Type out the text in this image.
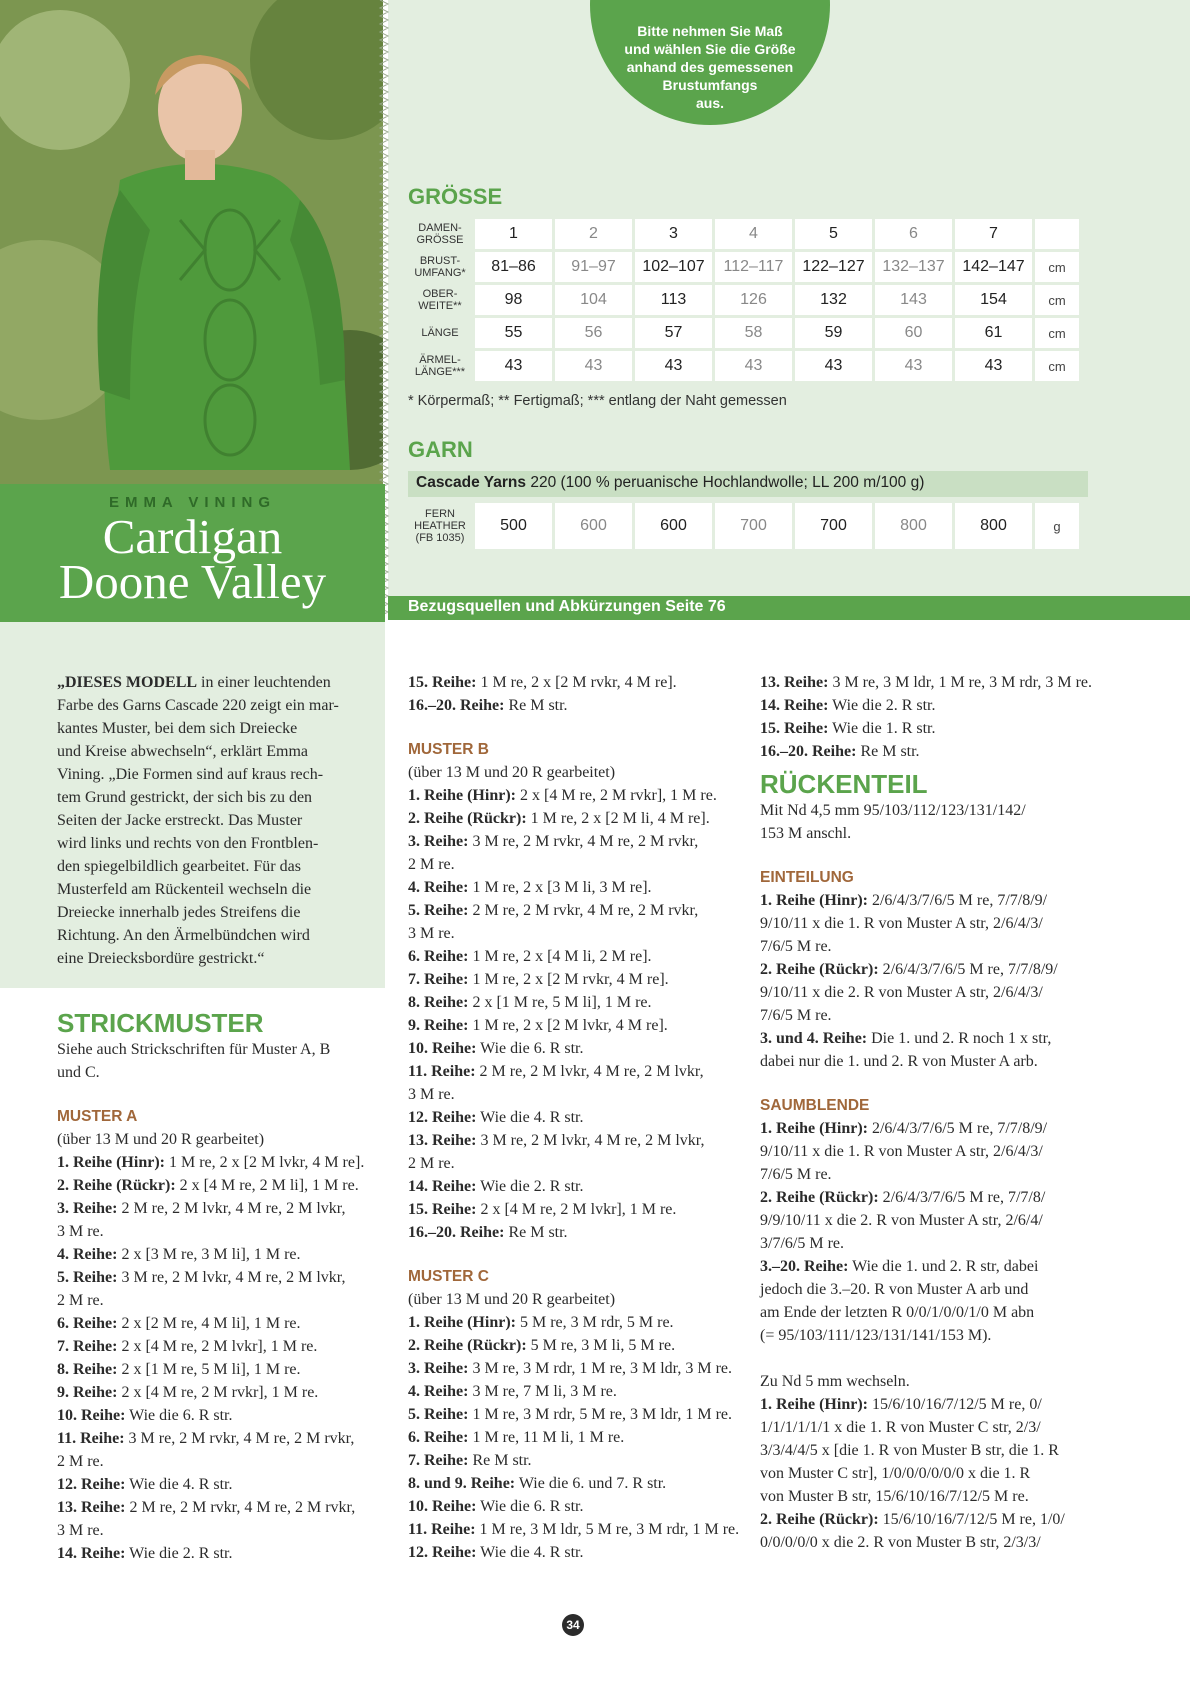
EMMA VINING
Cardigan
Doone Valley
Bitte nehmen Sie Maß
und wählen Sie die Größe
anhand des gemessenen
Brustumfangs
aus.
GRÖSSE
DAMEN-
GRÖSSE	1	2	3	4	5	6	7	

BRUST-
UMFANG*	81–86	91–97	102–107	112–117	122–127	132–137	142–147	cm

OBER-
WEITE**	98	104	113	126	132	143	154	cm

LÄNGE	55	56	57	58	59	60	61	cm

ÄRMEL-
LÄNGE***	43	43	43	43	43	43	43	cm
* Körpermaß; ** Fertigmaß; *** entlang der Naht gemessen
GARN
Cascade Yarns 220 (100 % peruanische Hochlandwolle; LL 200 m/100 g)
FERN
HEATHER
(FB 1035)
	500	600	600	700	700	800	800	g
Bezugsquellen und Abkürzungen Seite 76

„DIESES MODELL in einer leuchtenden

Farbe des Garns Cascade 220 zeigt ein mar-

kantes Muster, bei dem sich Dreiecke

und Kreise abwechseln“, erklärt Emma

Vining. „Die Formen sind auf kraus rech-

tem Grund gestrickt, der sich bis zu den

Seiten der Jacke erstreckt. Das Muster

wird links und rechts von den Frontblen-

den spiegelbildlich gearbeitet. Für das

Musterfeld am Rückenteil wechseln die

Dreiecke innerhalb jedes Streifens die

Richtung. An den Ärmelbündchen wird

eine Dreiecksbordüre gestrickt.“

STRICKMUSTER

Siehe auch Strickschriften für Muster A, B

und C.

MUSTER A

(über 13 M und 20 R gearbeitet)

1. Reihe (Hinr): 1 M re, 2 x [2 M lvkr, 4 M re].

2. Reihe (Rückr): 2 x [4 M re, 2 M li], 1 M re.

3. Reihe: 2 M re, 2 M lvkr, 4 M re, 2 M lvkr,

3 M re.

4. Reihe: 2 x [3 M re, 3 M li], 1 M re.

5. Reihe: 3 M re, 2 M lvkr, 4 M re, 2 M lvkr,

2 M re.

6. Reihe: 2 x [2 M re, 4 M li], 1 M re.

7. Reihe: 2 x [4 M re, 2 M lvkr], 1 M re.

8. Reihe: 2 x [1 M re, 5 M li], 1 M re.

9. Reihe: 2 x [4 M re, 2 M rvkr], 1 M re.

10. Reihe: Wie die 6. R str.

11. Reihe: 3 M re, 2 M rvkr, 4 M re, 2 M rvkr,

2 M re.

12. Reihe: Wie die 4. R str.

13. Reihe: 2 M re, 2 M rvkr, 4 M re, 2 M rvkr,

3 M re.

14. Reihe: Wie die 2. R str.

15. Reihe: 1 M re, 2 x [2 M rvkr, 4 M re].

16.–20. Reihe: Re M str.

MUSTER B

(über 13 M und 20 R gearbeitet)

1. Reihe (Hinr): 2 x [4 M re, 2 M rvkr], 1 M re.

2. Reihe (Rückr): 1 M re, 2 x [2 M li, 4 M re].

3. Reihe: 3 M re, 2 M rvkr, 4 M re, 2 M rvkr,

2 M re.

4. Reihe: 1 M re, 2 x [3 M li, 3 M re].

5. Reihe: 2 M re, 2 M rvkr, 4 M re, 2 M rvkr,

3 M re.

6. Reihe: 1 M re, 2 x [4 M li, 2 M re].

7. Reihe: 1 M re, 2 x [2 M rvkr, 4 M re].

8. Reihe: 2 x [1 M re, 5 M li], 1 M re.

9. Reihe: 1 M re, 2 x [2 M lvkr, 4 M re].

10. Reihe: Wie die 6. R str.

11. Reihe: 2 M re, 2 M lvkr, 4 M re, 2 M lvkr,

3 M re.

12. Reihe: Wie die 4. R str.

13. Reihe: 3 M re, 2 M lvkr, 4 M re, 2 M lvkr,

2 M re.

14. Reihe: Wie die 2. R str.

15. Reihe: 2 x [4 M re, 2 M lvkr], 1 M re.

16.–20. Reihe: Re M str.

MUSTER C

(über 13 M und 20 R gearbeitet)

1. Reihe (Hinr): 5 M re, 3 M rdr, 5 M re.

2. Reihe (Rückr): 5 M re, 3 M li, 5 M re.

3. Reihe: 3 M re, 3 M rdr, 1 M re, 3 M ldr, 3 M re.

4. Reihe: 3 M re, 7 M li, 3 M re.

5. Reihe: 1 M re, 3 M rdr, 5 M re, 3 M ldr, 1 M re.

6. Reihe: 1 M re, 11 M li, 1 M re.

7. Reihe: Re M str.

8. und 9. Reihe: Wie die 6. und 7. R str.

10. Reihe: Wie die 6. R str.

11. Reihe: 1 M re, 3 M ldr, 5 M re, 3 M rdr, 1 M re.

12. Reihe: Wie die 4. R str.

13. Reihe: 3 M re, 3 M ldr, 1 M re, 3 M rdr, 3 M re.

14. Reihe: Wie die 2. R str.

15. Reihe: Wie die 1. R str.

16.–20. Reihe: Re M str.

RÜCKENTEIL

Mit Nd 4,5 mm 95/103/112/123/131/142/

153 M anschl.

EINTEILUNG

1. Reihe (Hinr): 2/6/4/3/7/6/5 M re, 7/7/8/9/

9/10/11 x die 1. R von Muster A str, 2/6/4/3/

7/6/5 M re.

2. Reihe (Rückr): 2/6/4/3/7/6/5 M re, 7/7/8/9/

9/10/11 x die 2. R von Muster A str, 2/6/4/3/

7/6/5 M re.

3. und 4. Reihe: Die 1. und 2. R noch 1 x str,

dabei nur die 1. und 2. R von Muster A arb.

SAUMBLENDE

1. Reihe (Hinr): 2/6/4/3/7/6/5 M re, 7/7/8/9/

9/10/11 x die 1. R von Muster A str, 2/6/4/3/

7/6/5 M re.

2. Reihe (Rückr): 2/6/4/3/7/6/5 M re, 7/7/8/

9/9/10/11 x die 2. R von Muster A str, 2/6/4/

3/7/6/5 M re.

3.–20. Reihe: Wie die 1. und 2. R str, dabei

jedoch die 3.–20. R von Muster A arb und

am Ende der letzten R 0/0/1/0/0/1/0 M abn

(= 95/103/111/123/131/141/153 M).

Zu Nd 5 mm wechseln.

1. Reihe (Hinr): 15/6/10/16/7/12/5 M re, 0/

1/1/1/1/1/1 x die 1. R von Muster C str, 2/3/

3/3/4/4/5 x [die 1. R von Muster B str, die 1. R

von Muster C str], 1/0/0/0/0/0/0 x die 1. R

von Muster B str, 15/6/10/16/7/12/5 M re.

2. Reihe (Rückr): 15/6/10/16/7/12/5 M re, 1/0/

0/0/0/0/0 x die 2. R von Muster B str, 2/3/3/

34
